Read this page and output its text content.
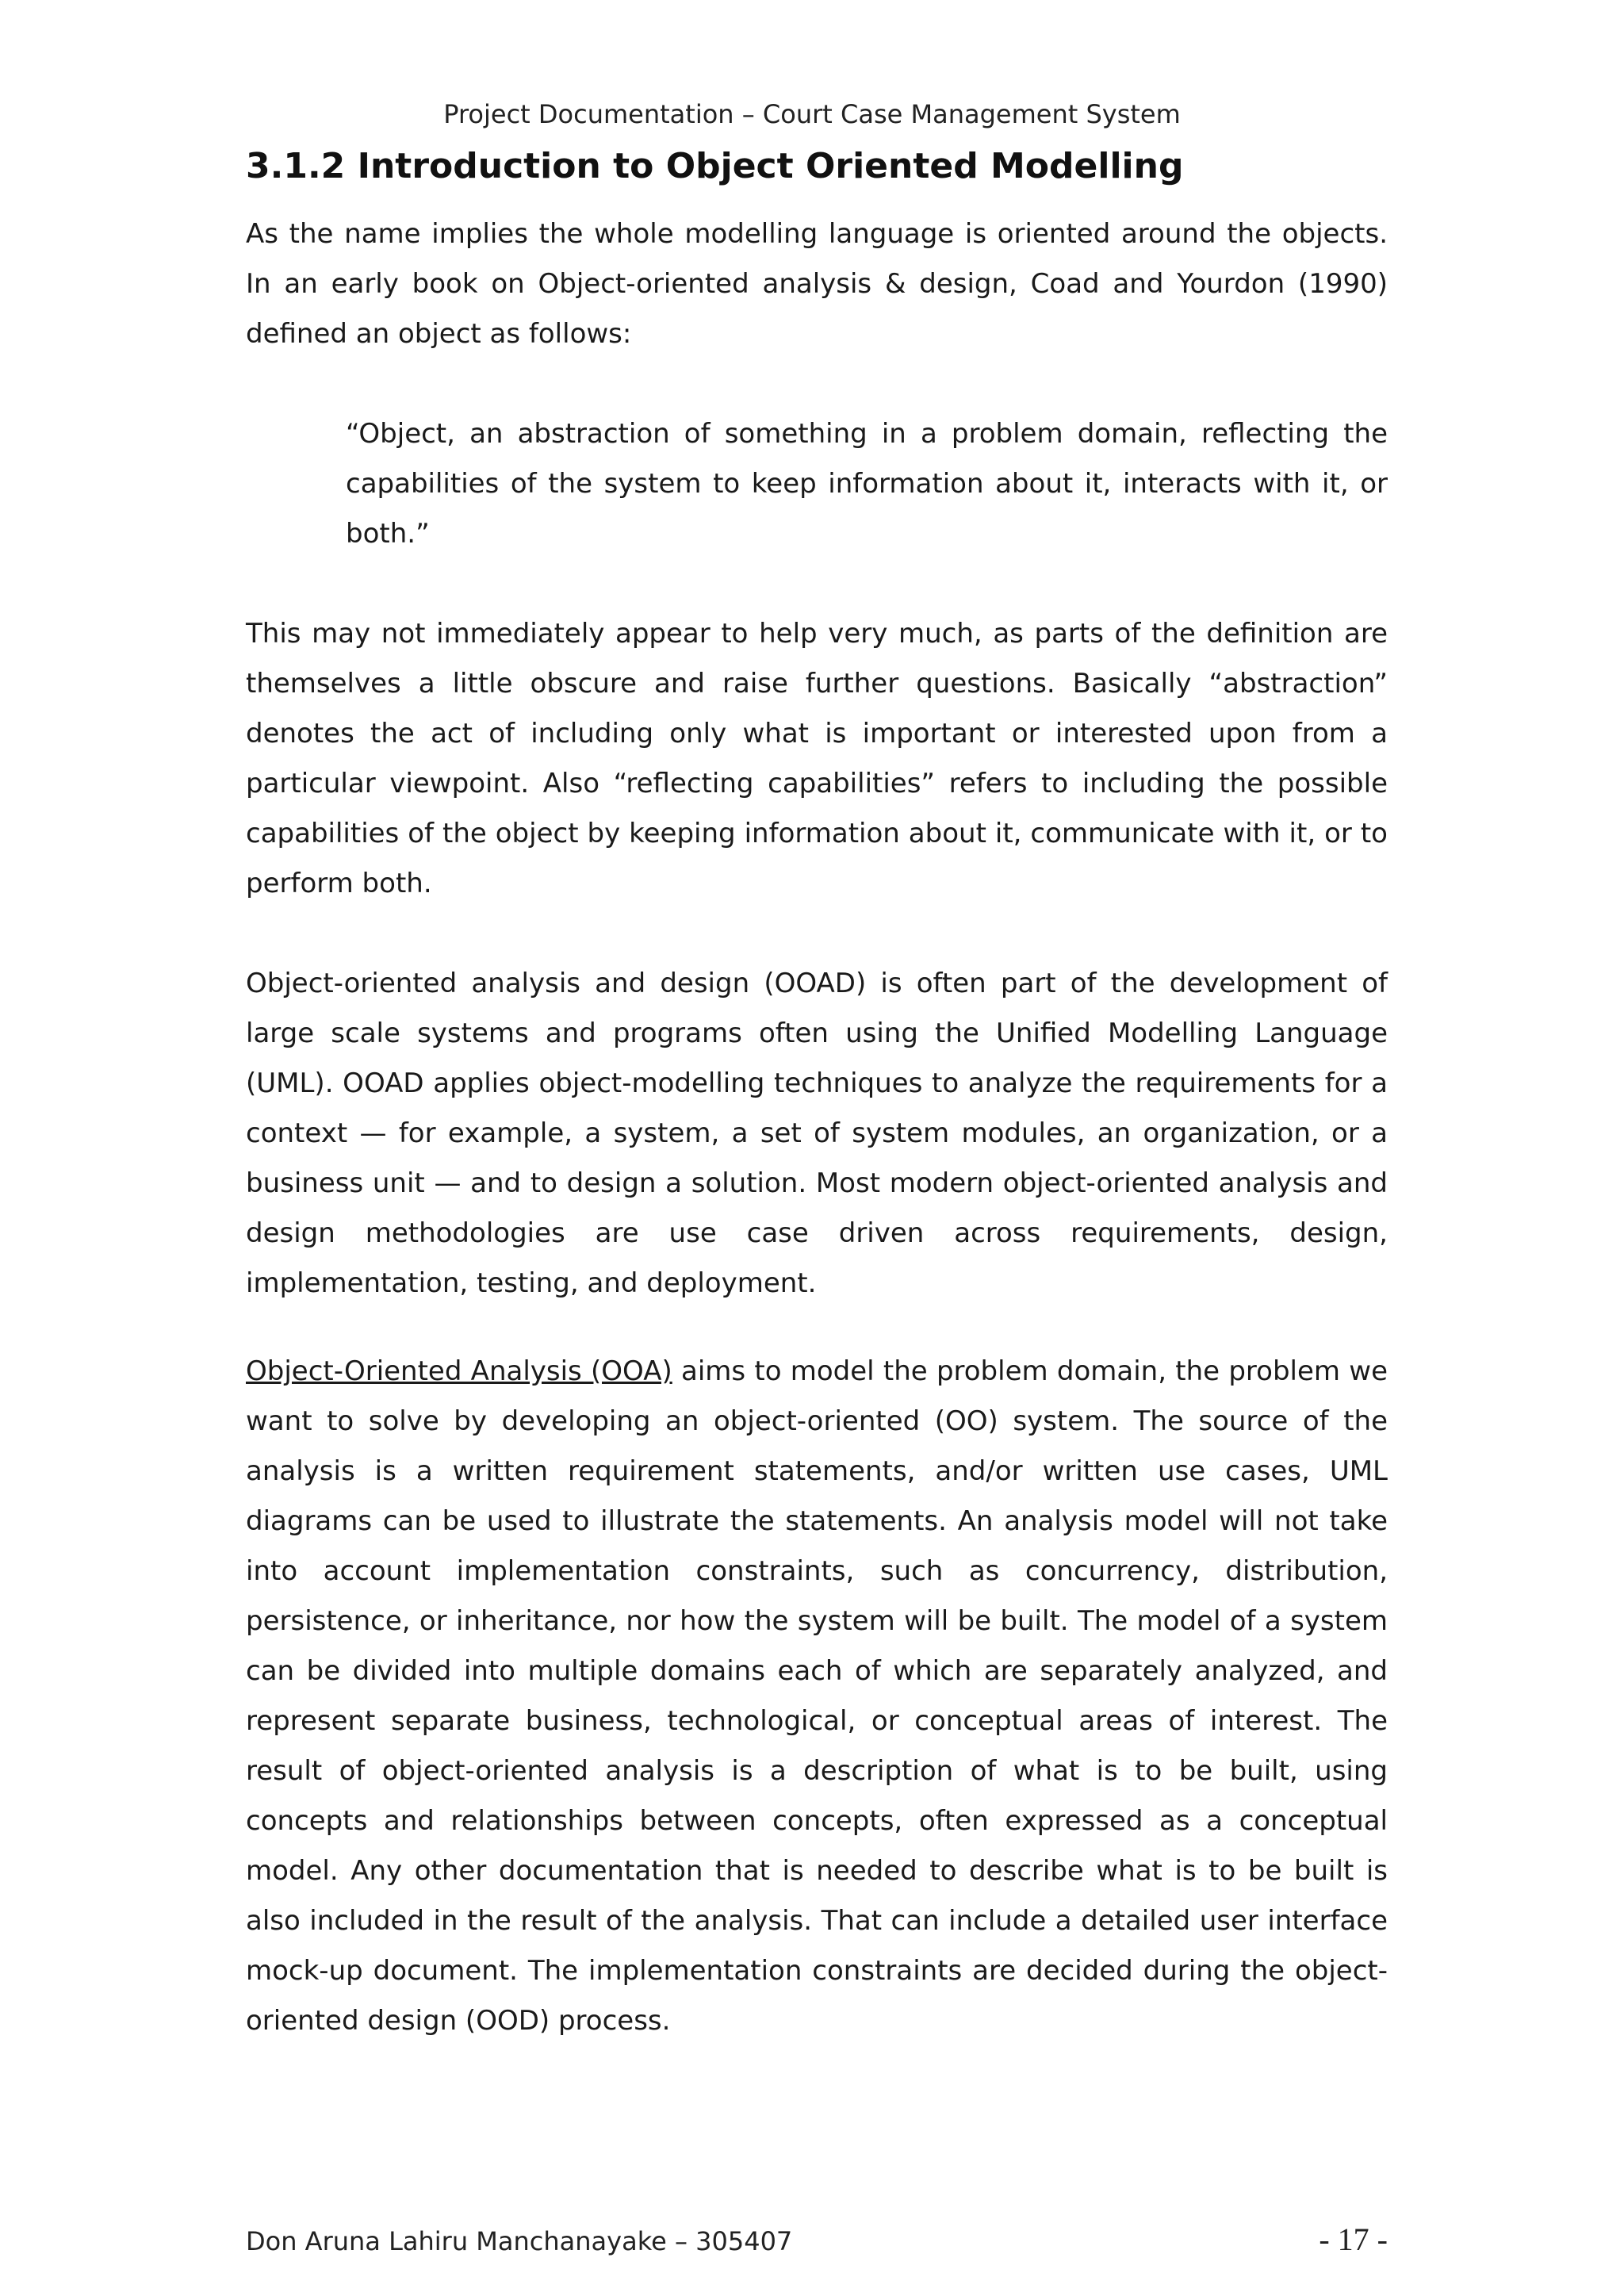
Project Documentation – Court Case Management System
3.1.2 Introduction to Object Oriented Modelling

As the name implies the whole modelling language is oriented around the objects. In an early book on Object-oriented analysis & design, Coad and Yourdon (1990) defined an object as follows:

“Object, an abstraction of something in a problem domain, reflecting the capabilities of the system to keep information about it, interacts with it, or both.”

This may not immediately appear to help very much, as parts of the definition are themselves a little obscure and raise further questions. Basically “abstraction” denotes the act of including only what is important or interested upon from a particular viewpoint. Also “reflecting capabilities” refers to including the possible capabilities of the object by keeping information about it, communicate with it, or to perform both.

Object-oriented analysis and design (OOAD) is often part of the development of large scale systems and programs often using the Unified Modelling Language (UML). OOAD applies object-modelling techniques to analyze the requirements for a context — for example, a system, a set of system modules, an organization, or a business unit — and to design a solution. Most modern object-oriented analysis and design methodologies are use case driven across requirements, design, implementation, testing, and deployment.

Object-Oriented Analysis (OOA) aims to model the problem domain, the problem we want to solve by developing an object-oriented (OO) system. The source of the analysis is a written requirement statements, and/or written use cases, UML diagrams can be used to illustrate the statements. An analysis model will not take into account implementation constraints, such as concurrency, distribution, persistence, or inheritance, nor how the system will be built. The model of a system can be divided into multiple domains each of which are separately analyzed, and represent separate business, technological, or conceptual areas of interest. The result of object-oriented analysis is a description of what is to be built, using concepts and relationships between concepts, often expressed as a conceptual model. Any other documentation that is needed to describe what is to be built is also included in the result of the analysis. That can include a detailed user interface mock-up document. The implementation constraints are decided during the object-oriented design (OOD) process.

Don Aruna Lahiru Manchanayake – 305407	- 17 -
